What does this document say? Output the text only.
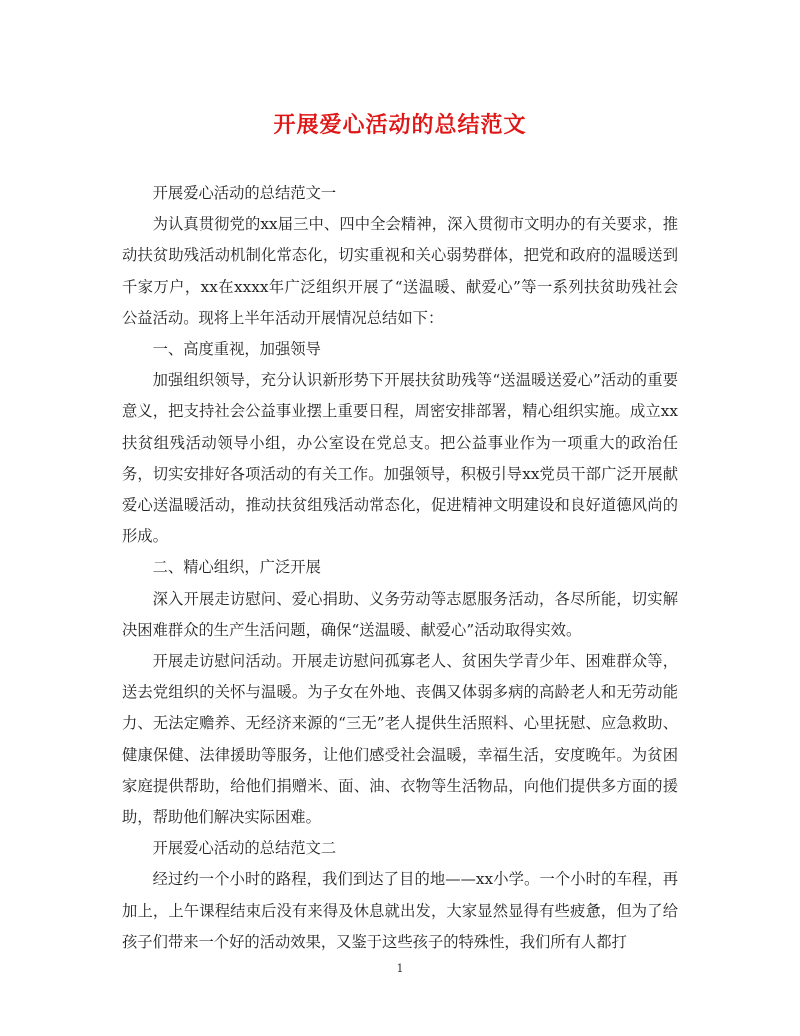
开展爱心活动的总结范文

开展爱心活动的总结范文一

为认真贯彻党的xx届三中、四中全会精神，深入贯彻市文明办的有关要求，推动扶贫助残活动机制化常态化，切实重视和关心弱势群体，把党和政府的温暖送到千家万户，xx在xxxx年广泛组织开展了“送温暖、献爱心”等一系列扶贫助残社会公益活动。现将上半年活动开展情况总结如下：

一、高度重视，加强领导

加强组织领导，充分认识新形势下开展扶贫助残等“送温暖送爱心”活动的重要意义，把支持社会公益事业摆上重要日程，周密安排部署，精心组织实施。成立xx扶贫组残活动领导小组，办公室设在党总支。把公益事业作为一项重大的政治任务，切实安排好各项活动的有关工作。加强领导，积极引导xx党员干部广泛开展献爱心送温暖活动，推动扶贫组残活动常态化，促进精神文明建设和良好道德风尚的形成。

二、精心组织，广泛开展

深入开展走访慰问、爱心捐助、义务劳动等志愿服务活动，各尽所能，切实解决困难群众的生产生活问题，确保“送温暖、献爱心”活动取得实效。

开展走访慰问活动。开展走访慰问孤寡老人、贫困失学青少年、困难群众等，送去党组织的关怀与温暖。为子女在外地、丧偶又体弱多病的高龄老人和无劳动能力、无法定赡养、无经济来源的“三无”老人提供生活照料、心里抚慰、应急救助、健康保健、法律援助等服务，让他们感受社会温暖，幸福生活，安度晚年。为贫困家庭提供帮助，给他们捐赠米、面、油、衣物等生活物品，向他们提供多方面的援助，帮助他们解决实际困难。

开展爱心活动的总结范文二

经过约一个小时的路程，我们到达了目的地——xx小学。一个小时的车程，再加上，上午课程结束后没有来得及休息就出发，大家显然显得有些疲惫，但为了给孩子们带来一个好的活动效果，又鉴于这些孩子的特殊性，我们所有人都打

1
